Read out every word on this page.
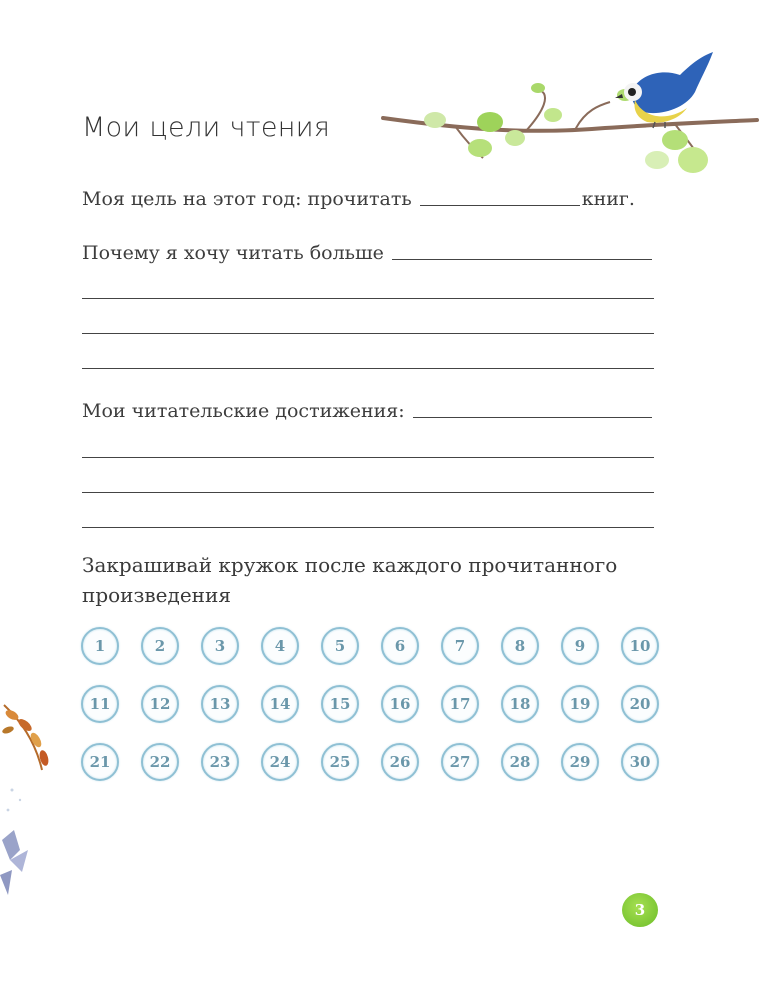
Мои цели чтения
Моя цель на этот год: прочитать	книг.
Почему я хочу читать больше
Мои читательские достижения:
Закрашивай кружок после каждого прочитанного произведения
1	2	3	4	5	6	7	8	9	10
11	12	13	14	15	16	17	18	19	20
21	22	23	24	25	26	27	28	29	30
3
